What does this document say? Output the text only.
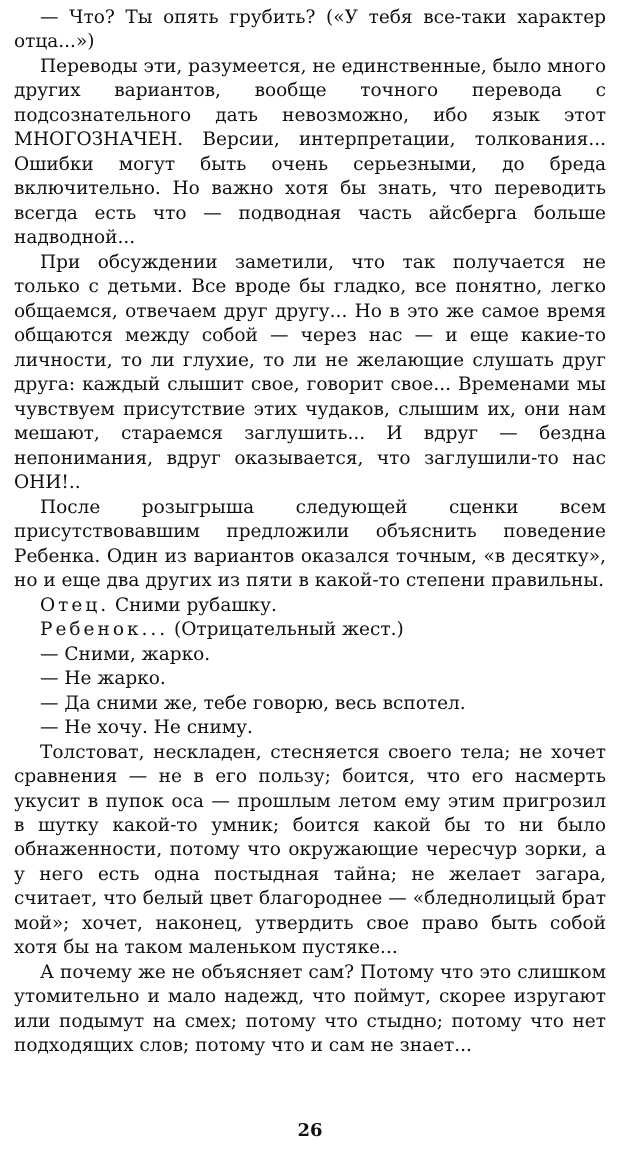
— Что? Ты опять грубить? («У тебя все-таки характер отца...»)

Переводы эти, разумеется, не единственные, было много других вариантов, вообще точного перевода с подсознательного дать невозможно, ибо язык этот МНОГОЗНАЧЕН. Версии, интерпретации, толкования... Ошибки могут быть очень серьезными, до бреда включительно. Но важно хотя бы знать, что переводить всегда есть что — подводная часть айсберга больше надводной...

При обсуждении заметили, что так получается не только с детьми. Все вроде бы гладко, все понятно, легко общаемся, отвечаем друг другу... Но в это же самое время общаются между собой — через нас — и еще какие-то личности, то ли глухие, то ли не желающие слушать друг друга: каждый слышит свое, говорит свое... Временами мы чувствуем присутствие этих чудаков, слышим их, они нам мешают, стараемся заглушить... И вдруг — бездна непонимания, вдруг оказывается, что заглушили-то нас ОНИ!..

После розыгрыша следующей сценки всем присутствовавшим предложили объяснить поведение Ребенка. Один из вариантов оказался точным, «в десятку», но и еще два других из пяти в какой-то степени правильны.

Отец. Сними рубашку.

Ребенок... (Отрицательный жест.)

— Сними, жарко.

— Не жарко.

— Да сними же, тебе говорю, весь вспотел.

— Не хочу. Не сниму.

Толстоват, нескладен, стесняется своего тела; не хочет сравнения — не в его пользу; боится, что его насмерть укусит в пупок оса — прошлым летом ему этим пригрозил в шутку какой-то умник; боится какой бы то ни было обнаженности, потому что окружающие чересчур зорки, а у него есть одна постыдная тайна; не желает загара, считает, что белый цвет благороднее — «бледнолицый брат мой»; хочет, наконец, утвердить свое право быть собой хотя бы на таком маленьком пустяке...

А почему же не объясняет сам? Потому что это слишком утомительно и мало надежд, что поймут, скорее изругают или подымут на смех; потому что стыдно; потому что нет подходящих слов; потому что и сам не знает...

26
